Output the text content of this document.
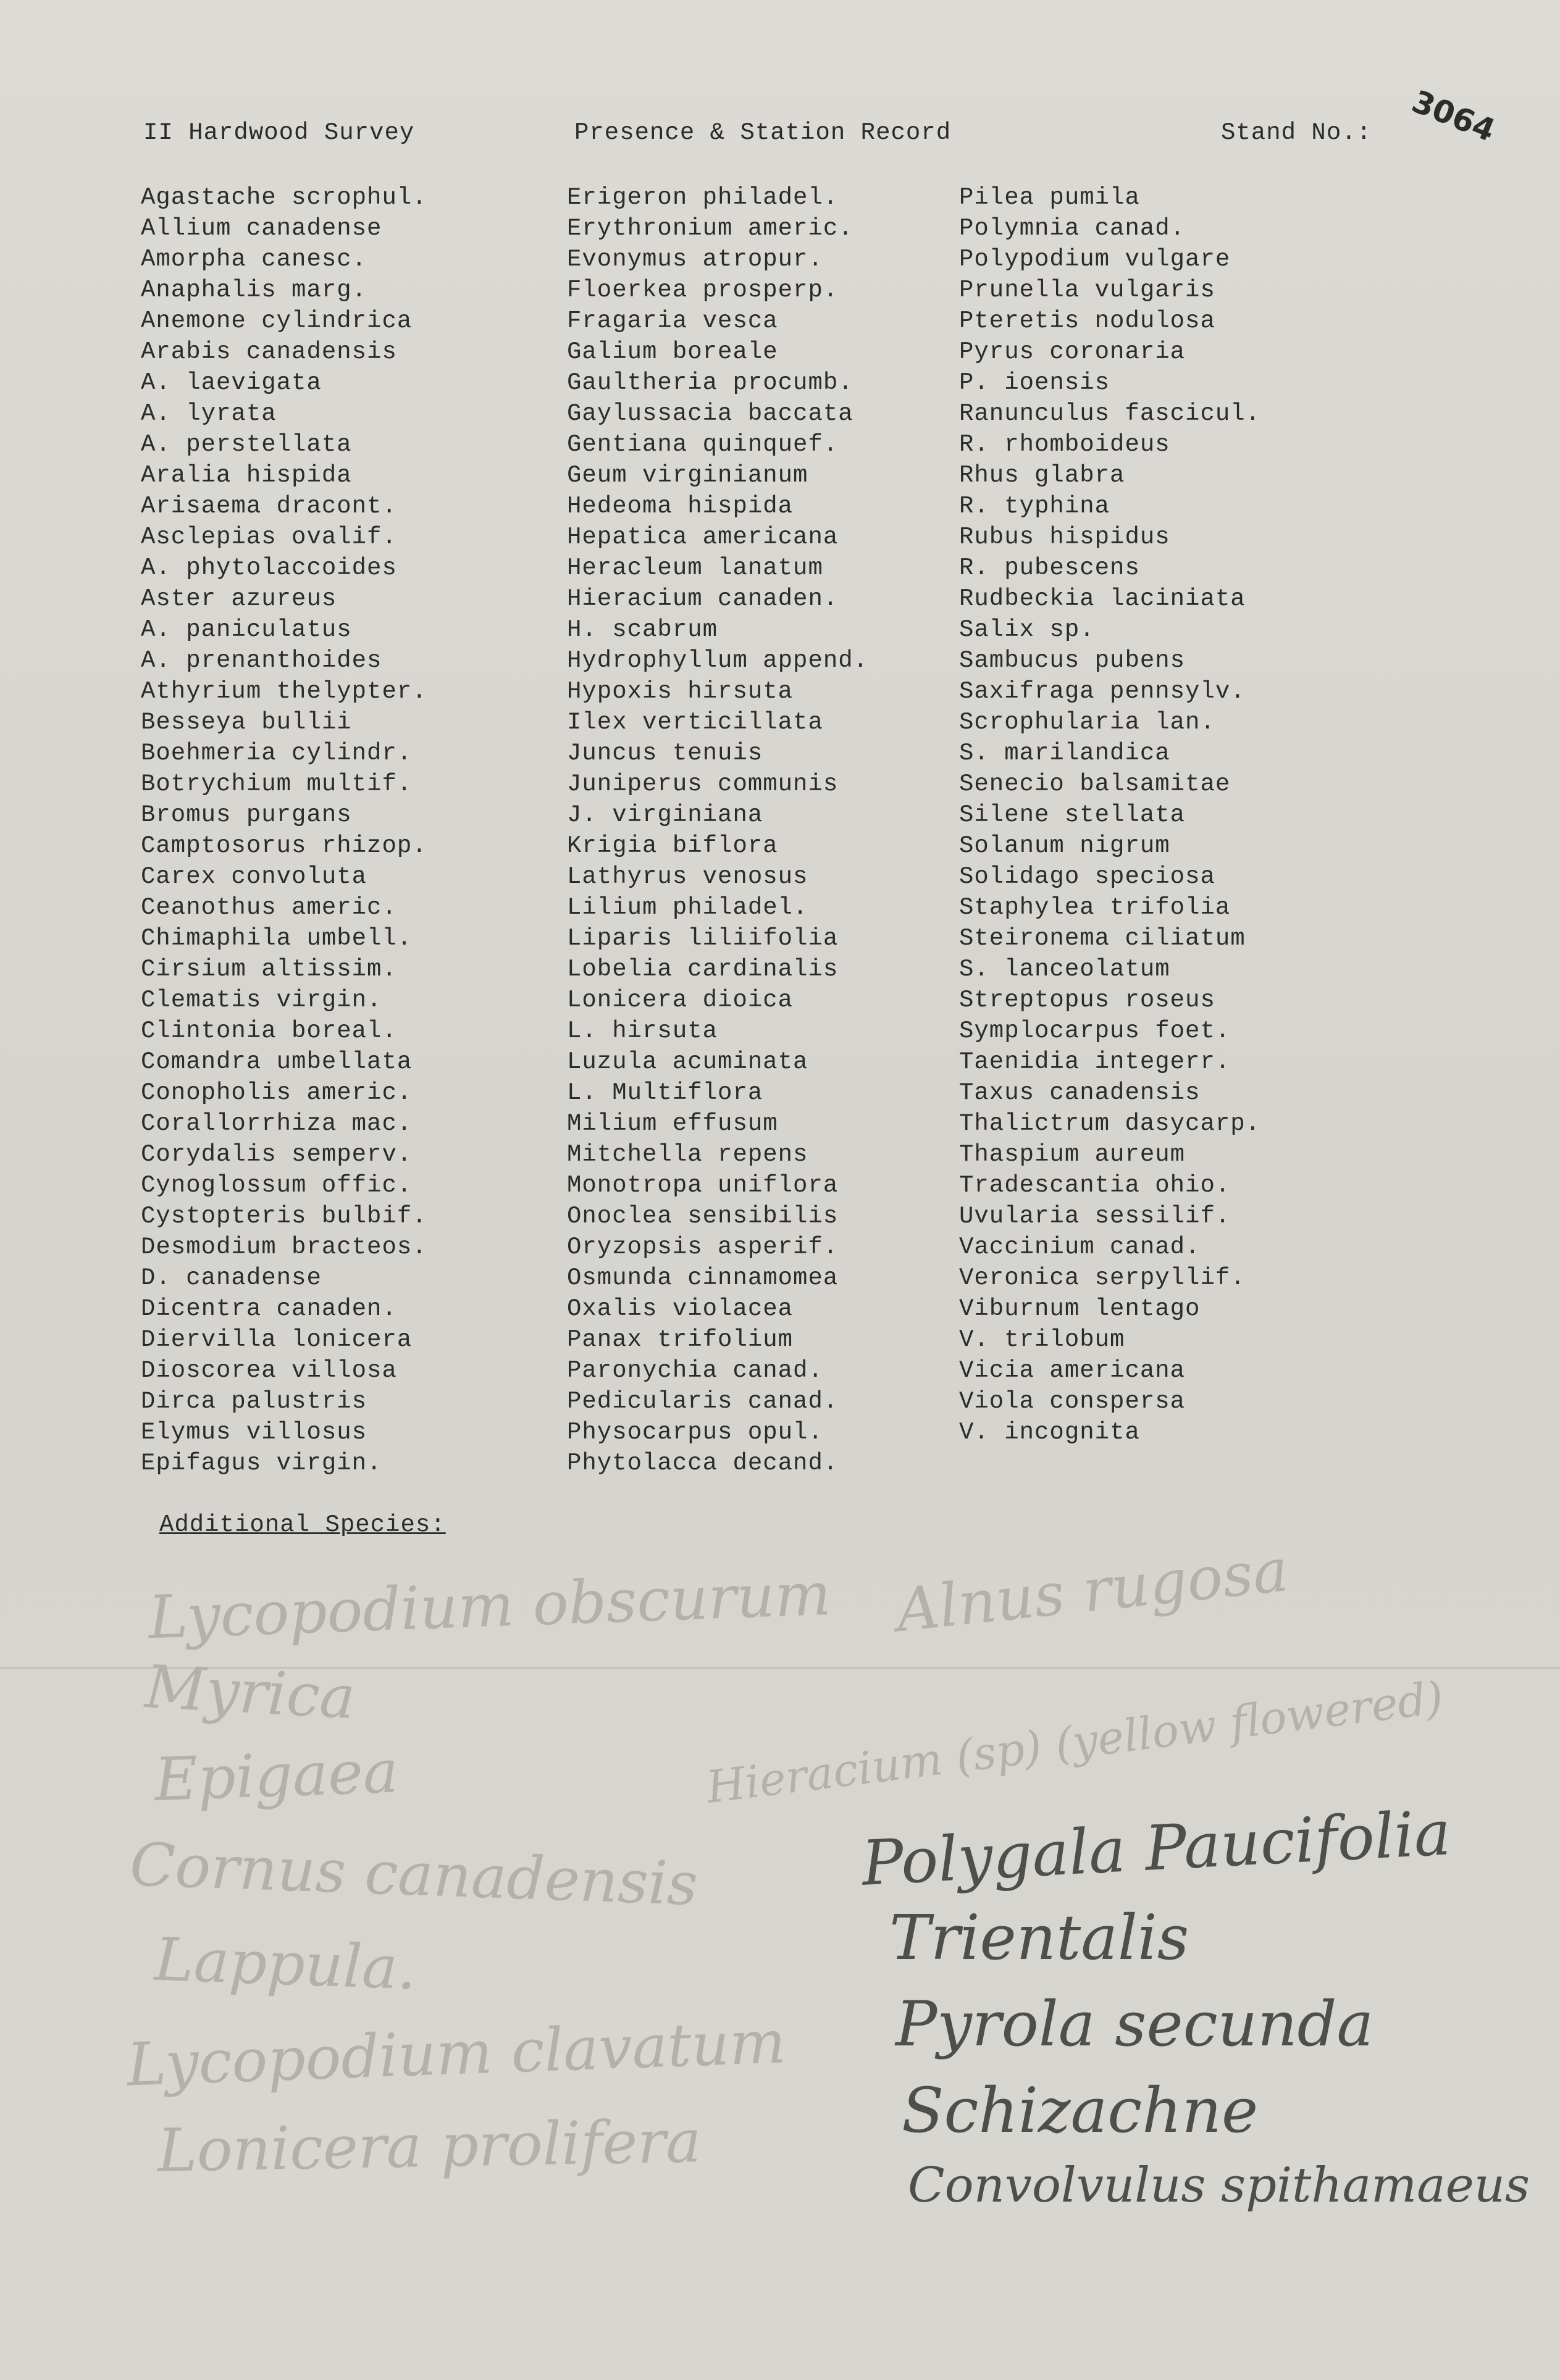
II Hardwood Survey	Presence & Station Record	Stand No.: 3064
Agastache scrophul.
Allium canadense
Amorpha canesc.
Anaphalis marg.
Anemone cylindrica
Arabis canadensis
A. laevigata
A. lyrata
A. perstellata
Aralia hispida
Arisaema dracont.
Asclepias ovalif.
A. phytolaccoides
Aster azureus
A. paniculatus
A. prenanthoides
Athyrium thelypter.
Besseya bullii
Boehmeria cylindr.
Botrychium multif.
Bromus purgans
Camptosorus rhizop.
Carex convoluta
Ceanothus americ.
Chimaphila umbell.
Cirsium altissim.
Clematis virgin.
Clintonia boreal.
Comandra umbellata
Conopholis americ.
Corallorrhiza mac.
Corydalis semperv.
Cynoglossum offic.
Cystopteris bulbif.
Desmodium bracteos.
D. canadense
Dicentra canaden.
Diervilla lonicera
Dioscorea villosa
Dirca palustris
Elymus villosus
Epifagus virgin.
Erigeron philadel.
Erythronium americ.
Evonymus atropur.
Floerkea prosperp.
Fragaria vesca
Galium boreale
Gaultheria procumb.
Gaylussacia baccata
Gentiana quinquef.
Geum virginianum
Hedeoma hispida
Hepatica americana
Heracleum lanatum
Hieracium canaden.
H. scabrum
Hydrophyllum append.
Hypoxis hirsuta
Ilex verticillata
Juncus tenuis
Juniperus communis
J. virginiana
Krigia biflora
Lathyrus venosus
Lilium philadel.
Liparis liliifolia
Lobelia cardinalis
Lonicera dioica
L. hirsuta
Luzula acuminata
L. Multiflora
Milium effusum
Mitchella repens
Monotropa uniflora
Onoclea sensibilis
Oryzopsis asperif.
Osmunda cinnamomea
Oxalis violacea
Panax trifolium
Paronychia canad.
Pedicularis canad.
Physocarpus opul.
Phytolacca decand.
Pilea pumila
Polymnia canad.
Polypodium vulgare
Prunella vulgaris
Pteretis nodulosa
Pyrus coronaria
P. ioensis
Ranunculus fascicul.
R. rhomboideus
Rhus glabra
R. typhina
Rubus hispidus
R. pubescens
Rudbeckia laciniata
Salix sp.
Sambucus pubens
Saxifraga pennsylv.
Scrophularia lan.
S. marilandica
Senecio balsamitae
Silene stellata
Solanum nigrum
Solidago speciosa
Staphylea trifolia
Steironema ciliatum
S. lanceolatum
Streptopus roseus
Symplocarpus foet.
Taenidia integerr.
Taxus canadensis
Thalictrum dasycarp.
Thaspium aureum
Tradescantia ohio.
Uvularia sessilif.
Vaccinium canad.
Veronica serpyllif.
Viburnum lentago
V. trilobum
Vicia americana
Viola conspersa
V. incognita
Additional Species:
Lycopodium obscurum
Myrica
Epigaea
Cornus canadensis
Lappula.
Lycopodium clavatum
Lonicera prolifera
Alnus rugosa
Hieracium (sp) (yellow flowered)
Polygala Paucifolia
Trientalis
Pyrola secunda
Schizachne
Convolvulus spithamaeus
